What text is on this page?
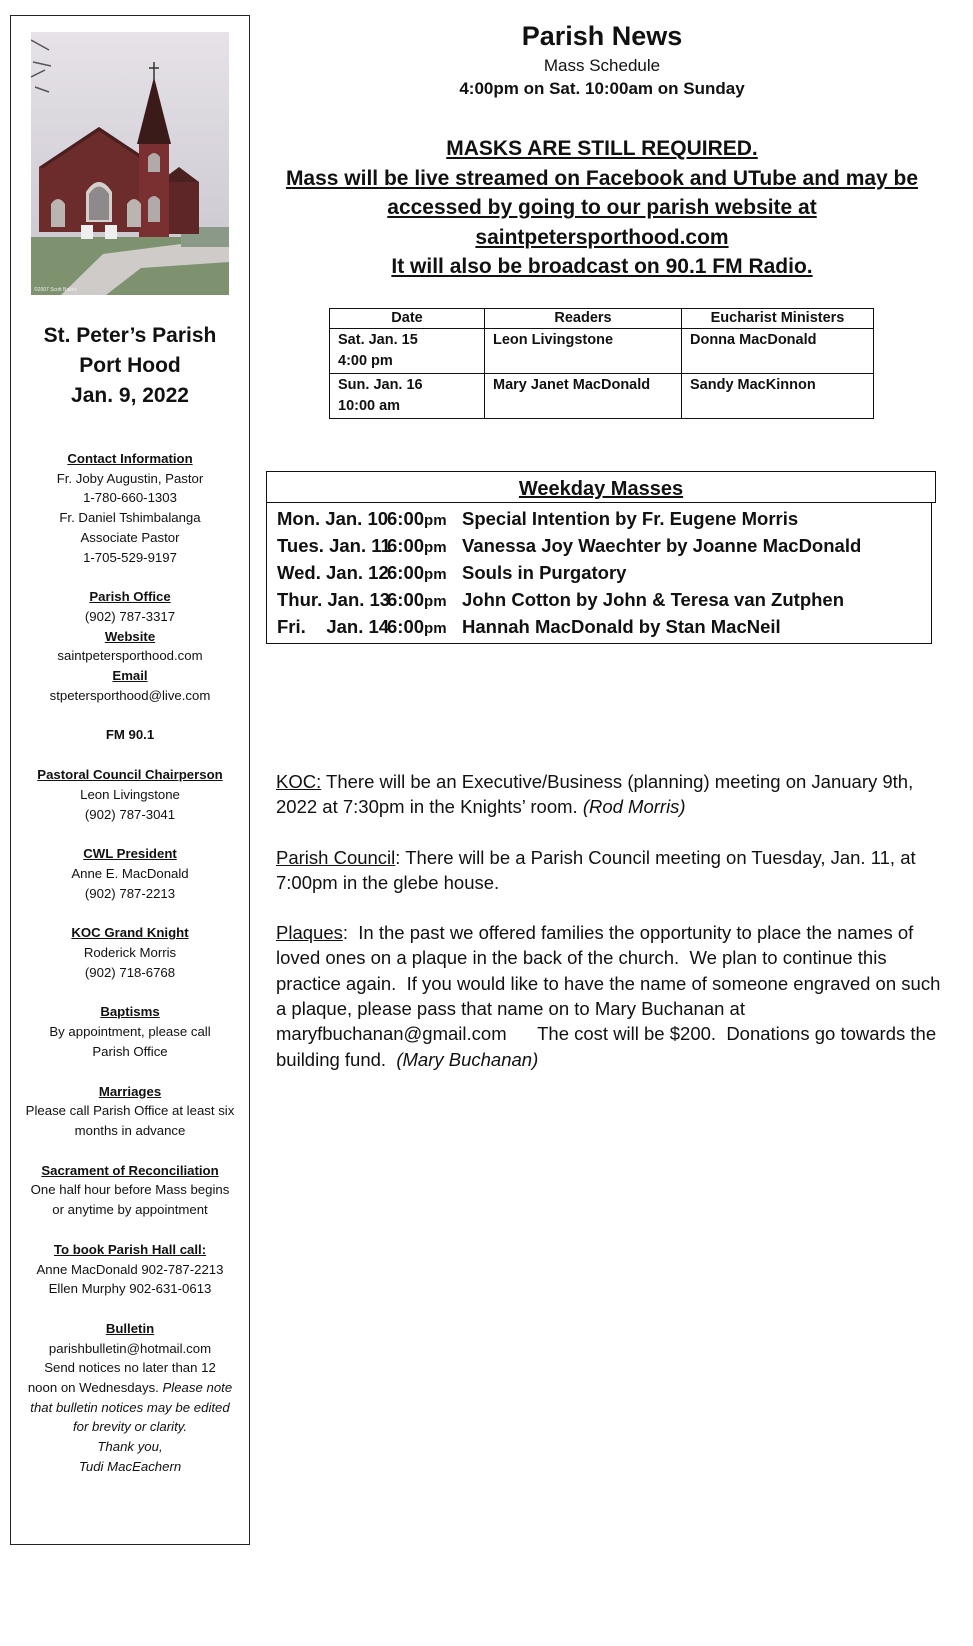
©2007 Scott Baltes
St. Peter’s Parish
Port Hood
Jan. 9, 2022
Contact Information
Fr. Joby Augustin, Pastor
1-780-660-1303
Fr. Daniel Tshimbalanga
Associate Pastor
1-705-529-9197
Parish Office
(902) 787-3317
Website
saintpetersporthood.com
Email
stpetersporthood@live.com
FM 90.1
Pastoral Council Chairperson
Leon Livingstone
(902) 787-3041
CWL President
Anne E. MacDonald
(902) 787-2213
KOC Grand Knight
Roderick Morris
(902) 718-6768
Baptisms
By appointment, please call
Parish Office
Marriages
Please call Parish Office at least six
months in advance
Sacrament of Reconciliation
One half hour before Mass begins
or anytime by appointment
To book Parish Hall call:
Anne MacDonald 902-787-2213
Ellen Murphy 902-631-0613
Bulletin
parishbulletin@hotmail.com
Send notices no later than 12
noon on Wednesdays. Please note
that bulletin notices may be edited
for brevity or clarity.
Thank you,
Tudi MacEachern
Parish News
Mass Schedule
4:00pm on Sat. 10:00am on Sunday
MASKS ARE STILL REQUIRED.
Mass will be live streamed on Facebook and UTube and may be
accessed by going to our parish website at
saintpetersporthood.com
It will also be broadcast on 90.1 FM Radio.
Date	Readers	Eucharist Ministers

Sat. Jan. 15
4:00 pm	Leon Livingstone	Donna MacDonald

Sun. Jan. 16
10:00 am	Mary Janet MacDonald	Sandy MacKinnon
Weekday Masses
Mon. Jan. 10
6:00pm Special Intention by Fr. Eugene Morris
Tues. Jan. 11
6:00pm Vanessa Joy Waechter by Joanne MacDonald
Wed. Jan. 12
6:00pm Souls in Purgatory
Thur. Jan. 13
6:00pm John Cotton by John & Teresa van Zutphen
Fri.    Jan. 14
6:00pm Hannah MacDonald by Stan MacNeil

KOC: There will be an Executive/Business (planning) meeting on January 9th, 2022 at 7:30pm in the Knights’ room. (Rod Morris)

Parish Council: There will be a Parish Council meeting on Tuesday, Jan. 11, at 7:00pm in the glebe house.

Plaques:  In the past we offered families the opportunity to place the names of loved ones on a plaque in the back of the church.  We plan to continue this practice again.  If you would like to have the name of someone engraved on such a plaque, please pass that name on to Mary Buchanan at maryfbuchanan@gmail.com      The cost will be $200.  Donations go towards the building fund.  (Mary Buchanan)
